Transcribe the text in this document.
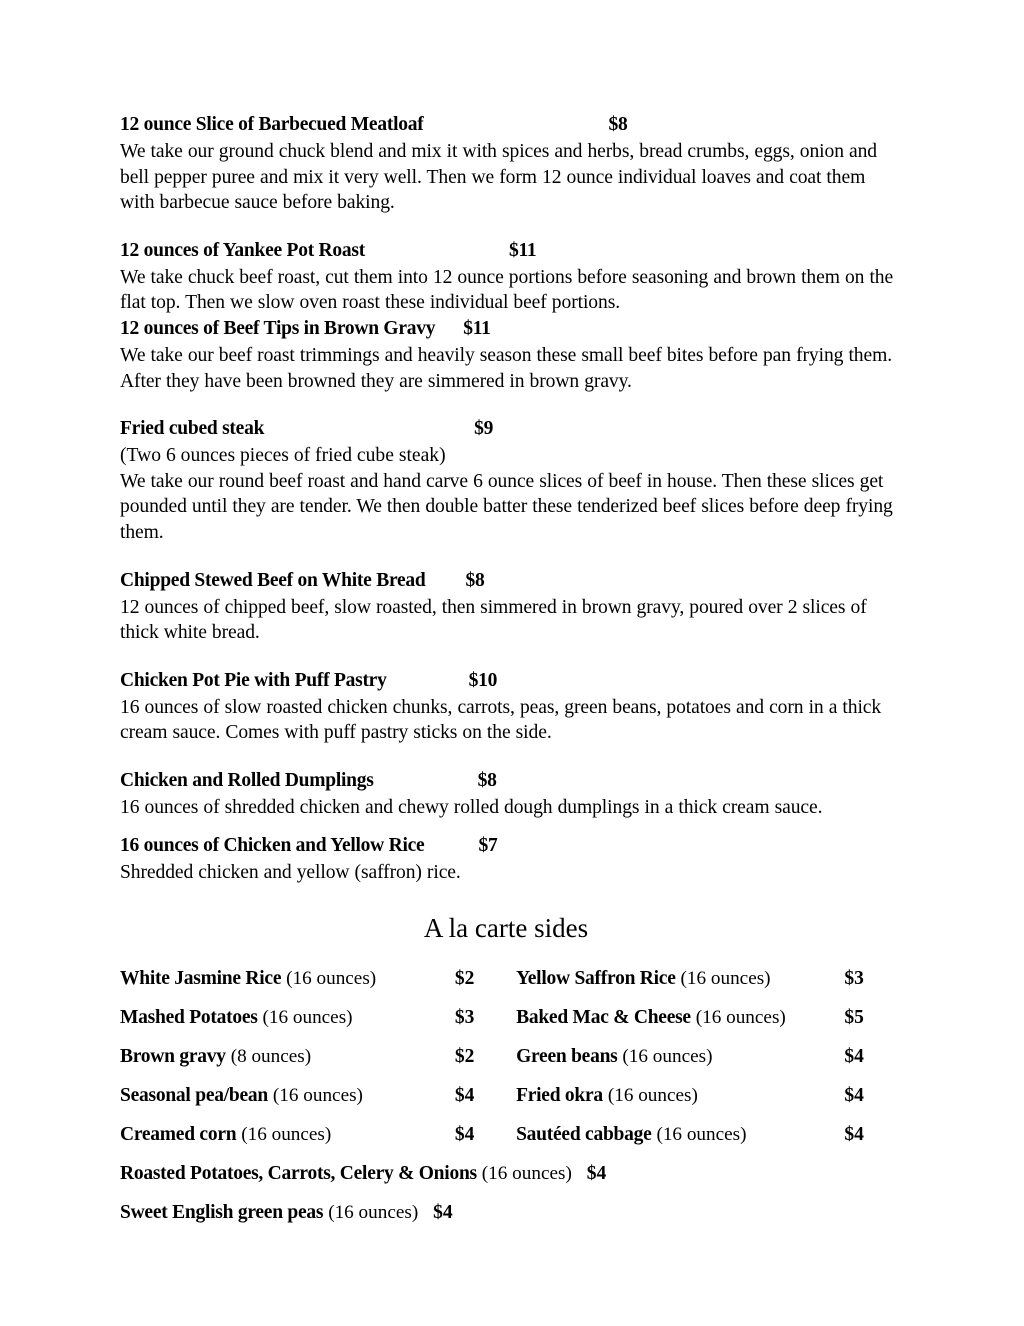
12 ounce Slice of Barbecued Meatloaf	$8

We take our ground chuck blend and mix it with spices and herbs, bread crumbs, eggs, onion and bell pepper puree and mix it very well. Then we form 12 ounce individual loaves and coat them with barbecue sauce before baking.

12 ounces of Yankee Pot Roast	$11

We take chuck beef roast, cut them into 12 ounce portions before seasoning and brown them on the flat top. Then we slow oven roast these individual beef portions.

12 ounces of Beef Tips in Brown Gravy $11

We take our beef roast trimmings and heavily season these small beef bites before pan frying them. After they have been browned they are simmered in brown gravy.

Fried cubed steak	$9

(Two 6 ounces pieces of fried cube steak)

We take our round beef roast and hand carve 6 ounce slices of beef in house. Then these slices get pounded until they are tender. We then double batter these tenderized beef slices before deep frying them.

Chipped Stewed Beef on White Bread $8

12 ounces of chipped beef, slow roasted, then simmered in brown gravy, poured over 2 slices of thick white bread.

Chicken Pot Pie with Puff Pastry	$10

16 ounces of slow roasted chicken chunks, carrots, peas, green beans, potatoes and corn in a thick cream sauce. Comes with puff pastry sticks on the side.

Chicken and Rolled Dumplings	$8

16 ounces of shredded chicken and chewy rolled dough dumplings in a thick cream sauce.

16 ounces of Chicken and Yellow Rice	$7

Shredded chicken and yellow (saffron) rice.

A la carte sides
White Jasmine Rice (16 ounces)	$2	Yellow Saffron Rice (16 ounces)	$3
Mashed Potatoes (16 ounces)	$3	Baked Mac & Cheese (16 ounces)	$5
Brown gravy (8 ounces)	$2	Green beans (16 ounces)	$4
Seasonal pea/bean (16 ounces)	$4	Fried okra (16 ounces)	$4
Creamed corn (16 ounces)	$4	Sautéed cabbage (16 ounces)	$4
Roasted Potatoes, Carrots, Celery & Onions (16 ounces) $4			
Sweet English green peas (16 ounces) $4			
